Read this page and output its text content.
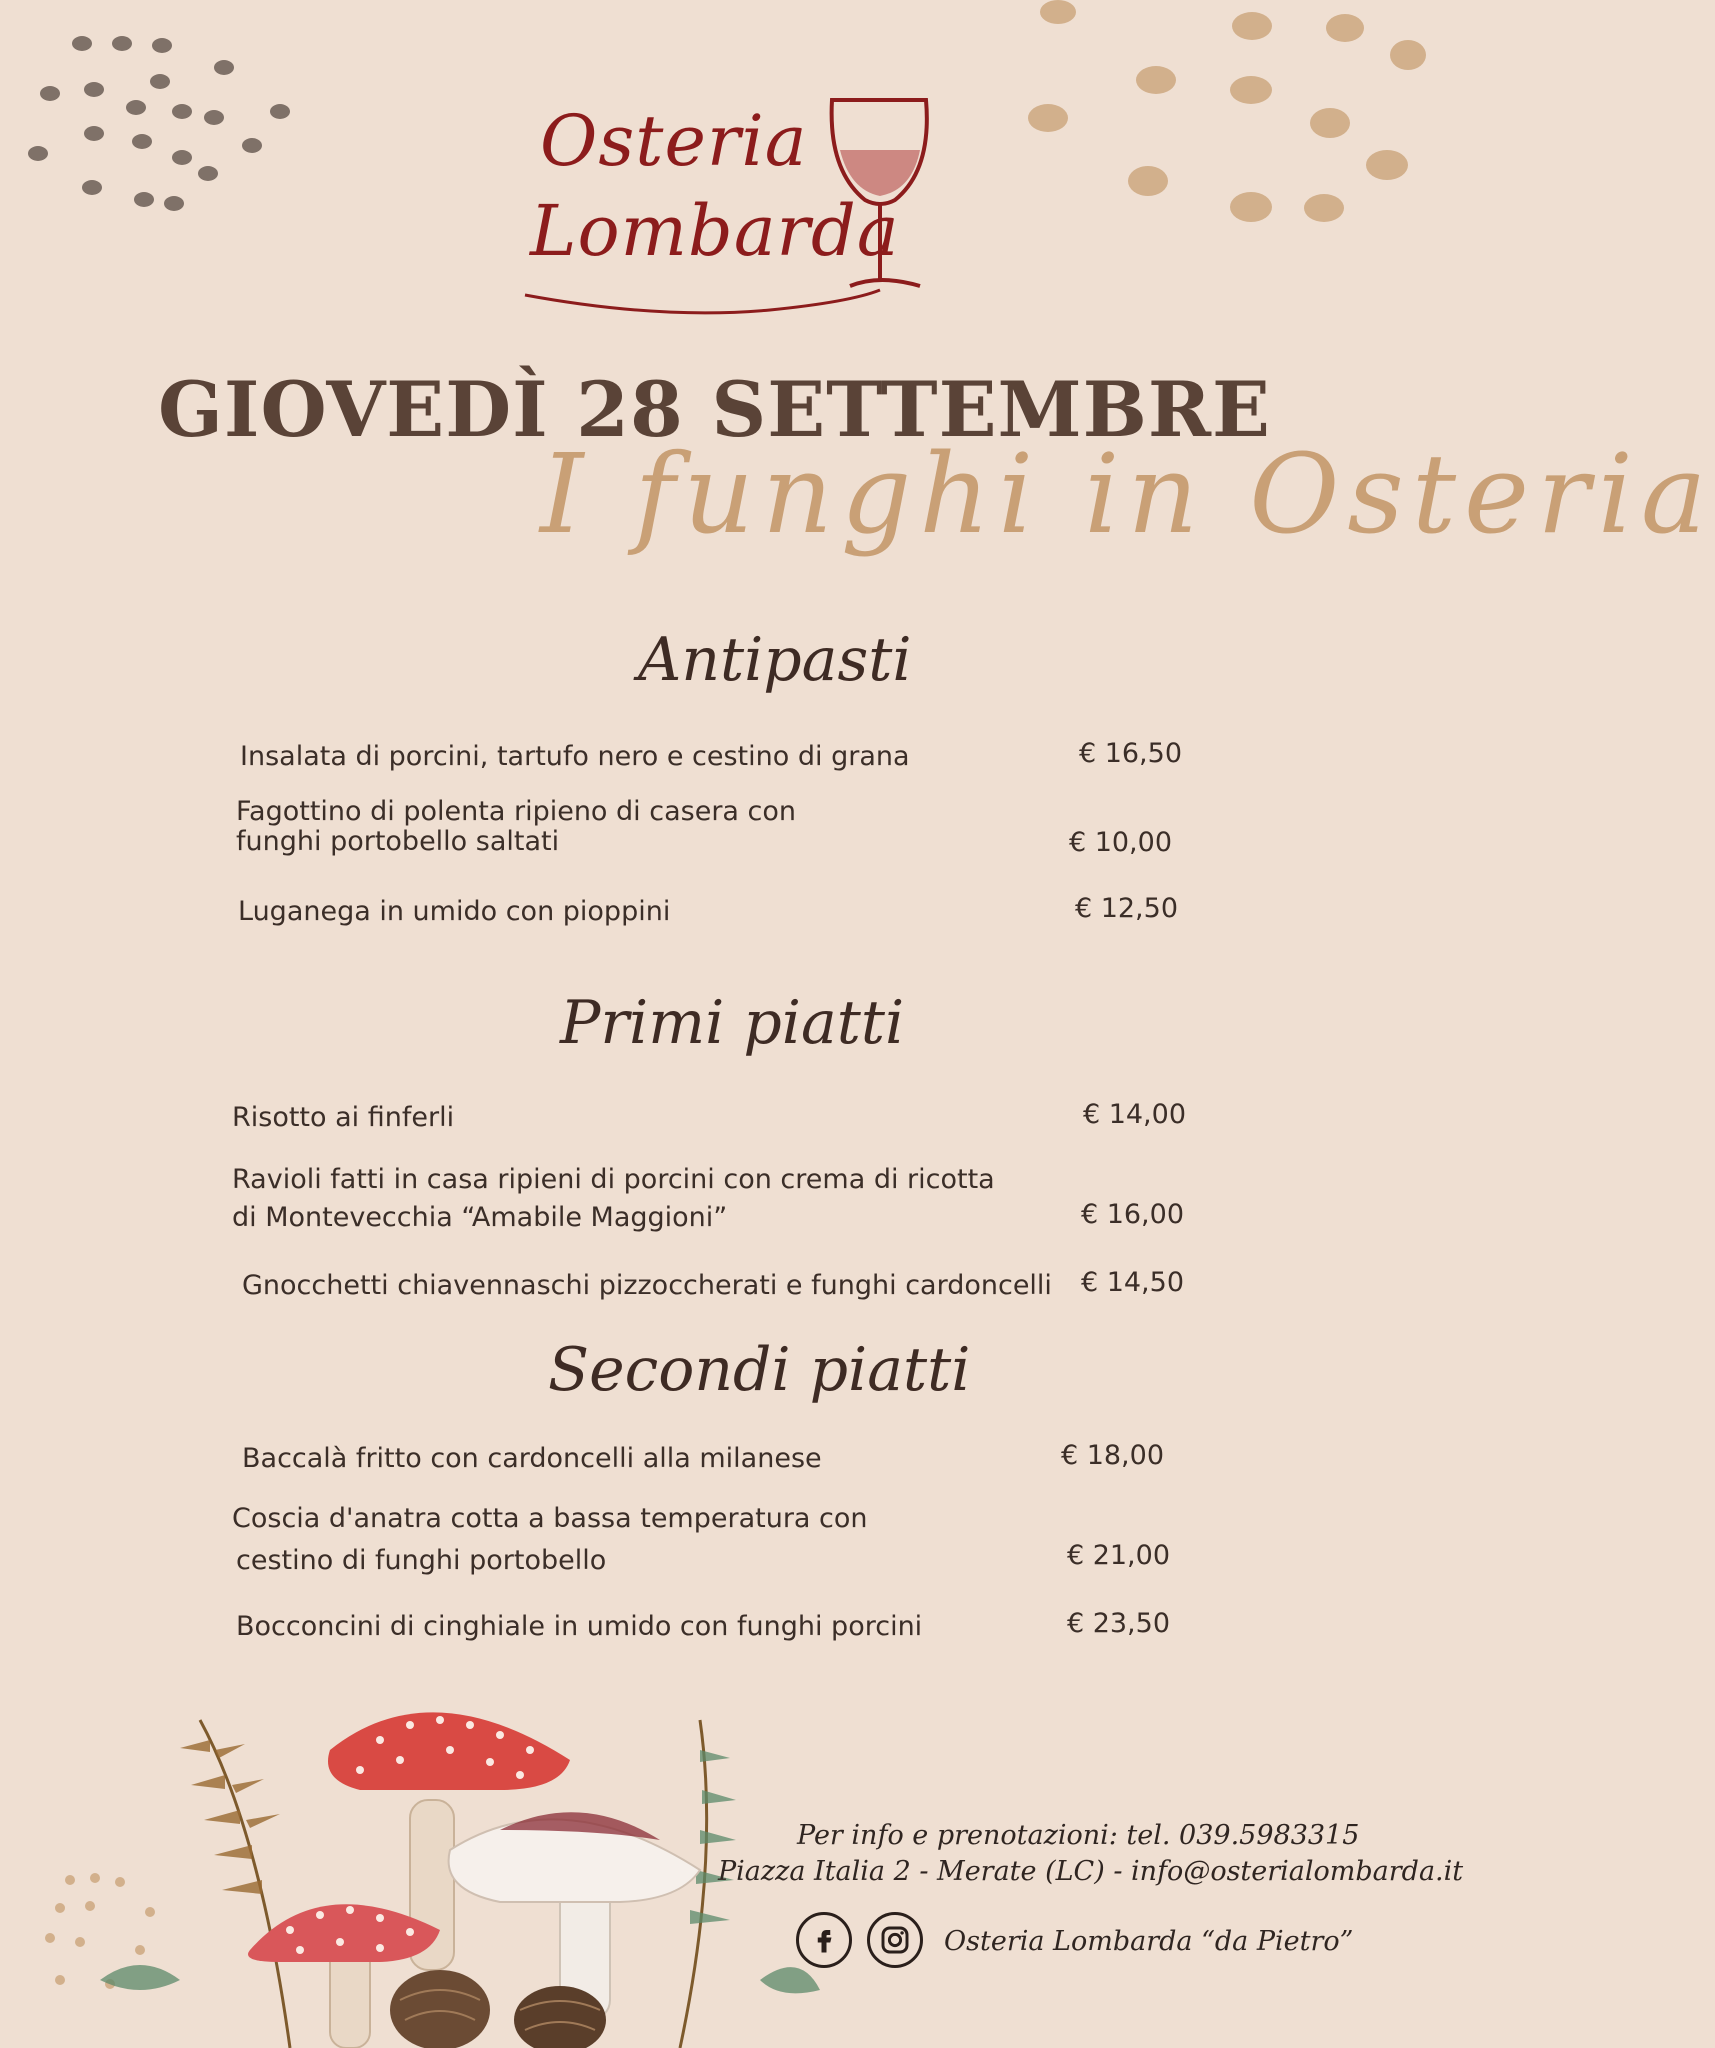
Osteria
Lombarda
GIOVEDÌ 28 SETTEMBRE
I funghi in Osteria
Antipasti
Insalata di porcini, tartufo nero e cestino di grana	€ 16,50
Fagottino di polenta ripieno di casera con
funghi portobello saltati	€ 10,00
Luganega in umido con pioppini	€ 12,50
Primi piatti
Risotto ai finferli	€ 14,00
Ravioli fatti in casa ripieni di porcini con crema di ricotta
di Montevecchia “Amabile Maggioni”	€ 16,00
Gnocchetti chiavennaschi pizzoccherati e funghi cardoncelli	€ 14,50
Secondi piatti
Baccalà fritto con cardoncelli alla milanese	€ 18,00
Coscia d'anatra cotta a bassa temperatura con
cestino di funghi portobello	€ 21,00
Bocconcini di cinghiale in umido con funghi porcini	€ 23,50
Per info e prenotazioni: tel. 039.5983315
Piazza Italia 2 - Merate (LC) - info@osterialombarda.it
Osteria Lombarda “da Pietro”
